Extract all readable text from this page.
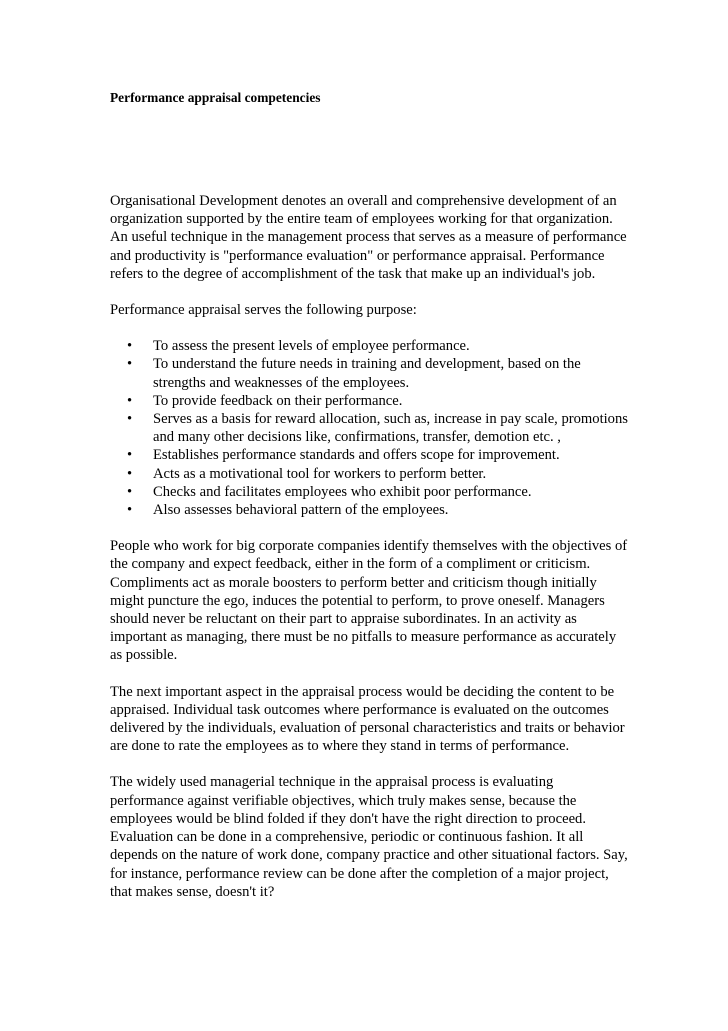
Performance appraisal competencies

Organisational Development denotes an overall and comprehensive development of an organization supported by the entire team of employees working for that organization. An useful technique in the management process that serves as a measure of performance and productivity is "performance evaluation" or performance appraisal. Performance refers to the degree of accomplishment of the task that make up an individual's job.

Performance appraisal serves the following purpose:

•	To assess the present levels of employee performance.
•	To understand the future needs in training and development, based on the strengths and weaknesses of the employees.
•	To provide feedback on their performance.
•	Serves as a basis for reward allocation, such as, increase in pay scale, promotions and many other decisions like, confirmations, transfer, demotion etc. ,
•	Establishes performance standards and offers scope for improvement.
•	Acts as a motivational tool for workers to perform better.
•	Checks and facilitates employees who exhibit poor performance.
•	Also assesses behavioral pattern of the employees.

People who work for big corporate companies identify themselves with the objectives of the company and expect feedback, either in the form of a compliment or criticism. Compliments act as morale boosters to perform better and criticism though initially might puncture the ego, induces the potential to perform, to prove oneself. Managers should never be reluctant on their part to appraise subordinates. In an activity as important as managing, there must be no pitfalls to measure performance as accurately as possible.

The next important aspect in the appraisal process would be deciding the content to be appraised. Individual task outcomes where performance is evaluated on the outcomes delivered by the individuals, evaluation of personal characteristics and traits or behavior are done to rate the employees as to where they stand in terms of performance.

The widely used managerial technique in the appraisal process is evaluating performance against verifiable objectives, which truly makes sense, because the employees would be blind folded if they don't have the right direction to proceed. Evaluation can be done in a comprehensive, periodic or continuous fashion. It all depends on the nature of work done, company practice and other situational factors. Say, for instance, performance review can be done after the completion of a major project, that makes sense, doesn't it?
